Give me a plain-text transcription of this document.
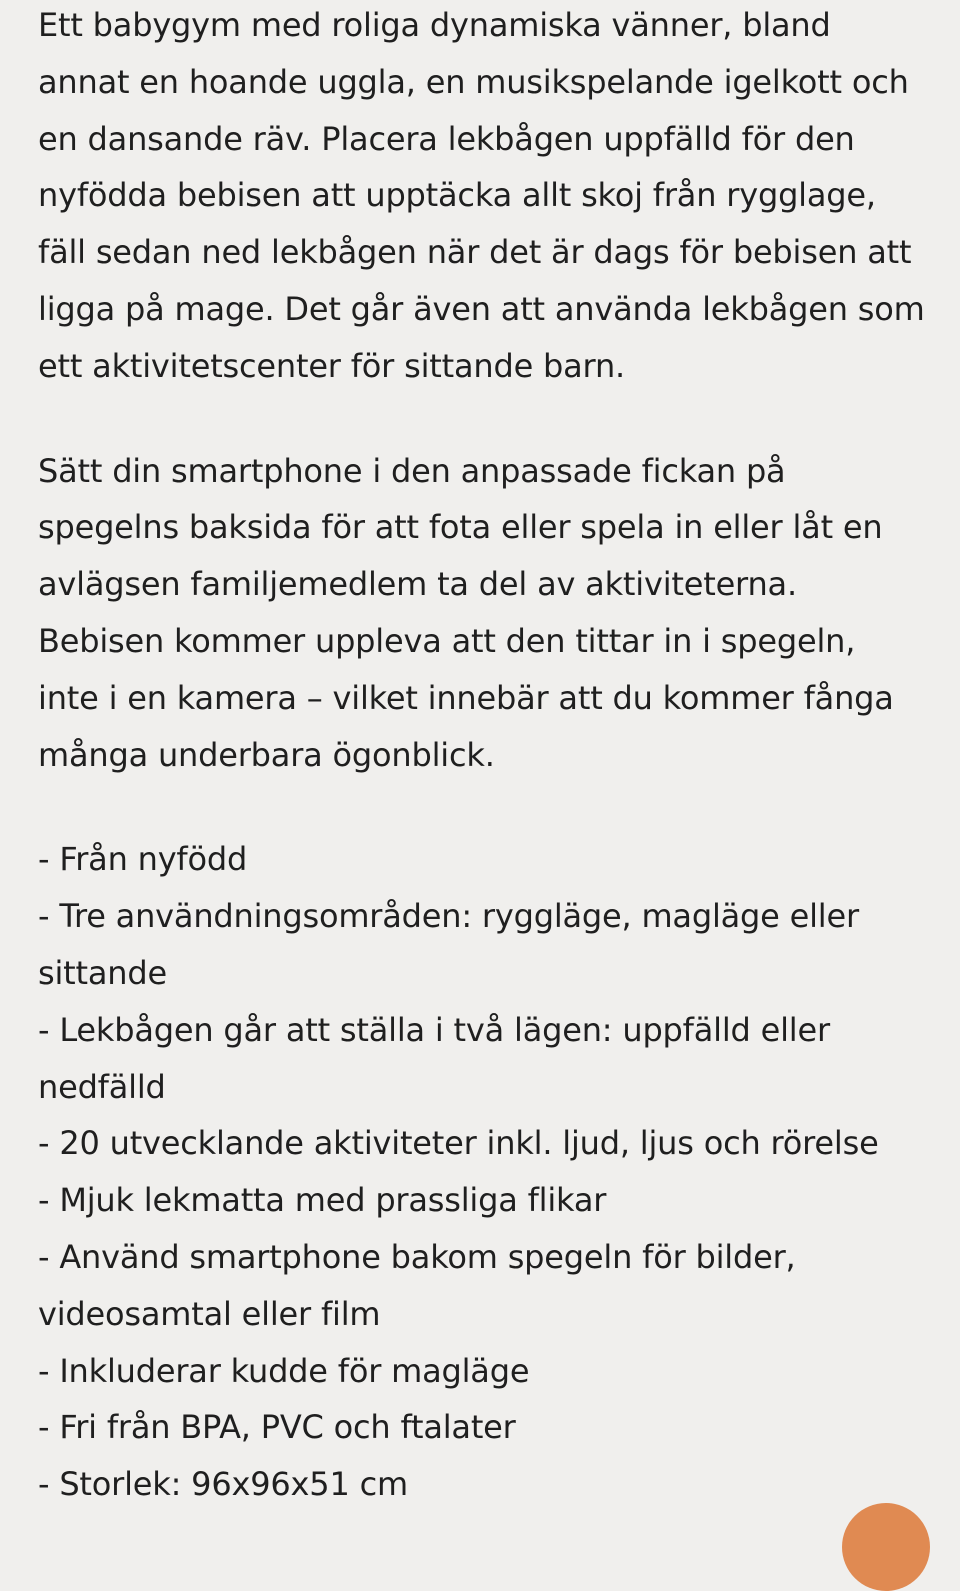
Ett babygym med roliga dynamiska vänner, bland
annat en hoande uggla, en musikspelande igelkott och
en dansande räv. Placera lekbågen uppfälld för den
nyfödda bebisen att upptäcka allt skoj från rygglage,
fäll sedan ned lekbågen när det är dags för bebisen att
ligga på mage. Det går även att använda lekbågen som
ett aktivitetscenter för sittande barn.

Sätt din smartphone i den anpassade fickan på
spegelns baksida för att fota eller spela in eller låt en
avlägsen familjemedlem ta del av aktiviteterna.
Bebisen kommer uppleva att den tittar in i spegeln,
inte i en kamera – vilket innebär att du kommer fånga
många underbara ögonblick.

- Från nyfödd
- Tre användningsområden: ryggläge, magläge eller
sittande
- Lekbågen går att ställa i två lägen: uppfälld eller
nedfälld
- 20 utvecklande aktiviteter inkl. ljud, ljus och rörelse
- Mjuk lekmatta med prassliga flikar
- Använd smartphone bakom spegeln för bilder,
videosamtal eller film
- Inkluderar kudde för magläge
- Fri från BPA, PVC och ftalater
- Storlek: 96x96x51 cm
